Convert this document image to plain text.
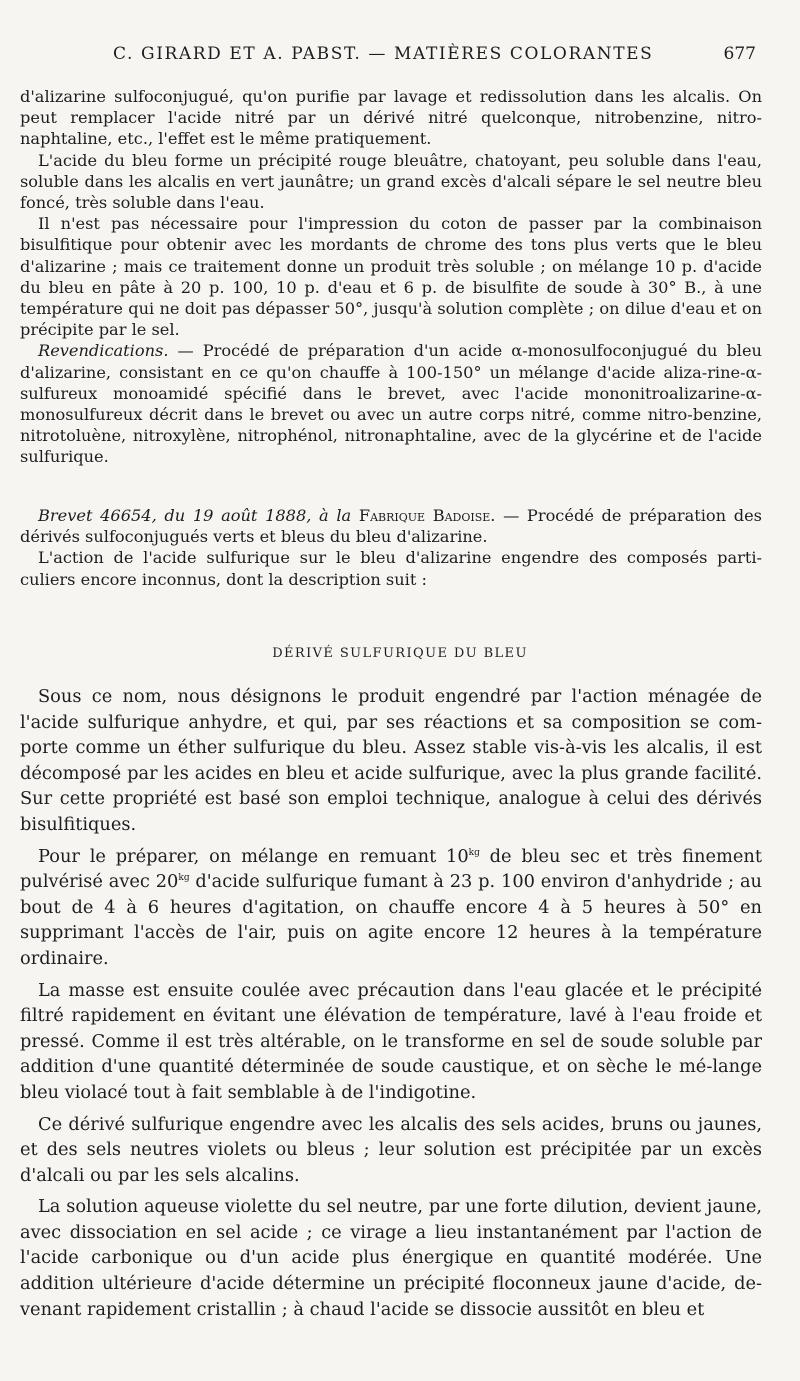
C. GIRARD ET A. PABST. — MATIÈRES COLORANTES	677

d'alizarine sulfoconjugué, qu'on purifie par lavage et redissolution dans les alcalis. On peut remplacer l'acide nitré par un dérivé nitré quelconque, nitrobenzine, nitro-naphtaline, etc., l'effet est le même pratiquement.

L'acide du bleu forme un précipité rouge bleuâtre, chatoyant, peu soluble dans l'eau, soluble dans les alcalis en vert jaunâtre; un grand excès d'alcali sépare le sel neutre bleu foncé, très soluble dans l'eau.

Il n'est pas nécessaire pour l'impression du coton de passer par la combinaison bisulfitique pour obtenir avec les mordants de chrome des tons plus verts que le bleu d'alizarine ; mais ce traitement donne un produit très soluble ; on mélange 10 p. d'acide du bleu en pâte à 20 p. 100, 10 p. d'eau et 6 p. de bisulfite de soude à 30° B., à une température qui ne doit pas dépasser 50°, jusqu'à solution complète ; on dilue d'eau et on précipite par le sel.

Revendications. — Procédé de préparation d'un acide α-monosulfoconjugué du bleu d'alizarine, consistant en ce qu'on chauffe à 100-150° un mélange d'acide aliza-rine-α-sulfureux monoamidé spécifié dans le brevet, avec l'acide mononitroalizarine-α-monosulfureux décrit dans le brevet ou avec un autre corps nitré, comme nitro-benzine, nitrotoluène, nitroxylène, nitrophénol, nitronaphtaline, avec de la glycérine et de l'acide sulfurique.

Brevet 46654, du 19 août 1888, à la Fabrique Badoise. — Procédé de préparation des dérivés sulfoconjugués verts et bleus du bleu d'alizarine.

L'action de l'acide sulfurique sur le bleu d'alizarine engendre des composés parti-culiers encore inconnus, dont la description suit :

DÉRIVÉ SULFURIQUE DU BLEU

Sous ce nom, nous désignons le produit engendré par l'action ménagée de l'acide sulfurique anhydre, et qui, par ses réactions et sa composition se com-porte comme un éther sulfurique du bleu. Assez stable vis-à-vis les alcalis, il est décomposé par les acides en bleu et acide sulfurique, avec la plus grande facilité. Sur cette propriété est basé son emploi technique, analogue à celui des dérivés bisulfitiques.

Pour le préparer, on mélange en remuant $10^{kg}$ de bleu sec et très finement pulvérisé avec $20^{kg}$ d'acide sulfurique fumant à 23 p. 100 environ d'anhydride ; au bout de 4 à 6 heures d'agitation, on chauffe encore 4 à 5 heures à 50° en supprimant l'accès de l'air, puis on agite encore 12 heures à la température ordinaire.

La masse est ensuite coulée avec précaution dans l'eau glacée et le précipité filtré rapidement en évitant une élévation de température, lavé à l'eau froide et pressé. Comme il est très altérable, on le transforme en sel de soude soluble par addition d'une quantité déterminée de soude caustique, et on sèche le mé-lange bleu violacé tout à fait semblable à de l'indigotine.

Ce dérivé sulfurique engendre avec les alcalis des sels acides, bruns ou jaunes, et des sels neutres violets ou bleus ; leur solution est précipitée par un excès d'alcali ou par les sels alcalins.

La solution aqueuse violette du sel neutre, par une forte dilution, devient jaune, avec dissociation en sel acide ; ce virage a lieu instantanément par l'action de l'acide carbonique ou d'un acide plus énergique en quantité modérée. Une addition ultérieure d'acide détermine un précipité floconneux jaune d'acide, de-venant rapidement cristallin ; à chaud l'acide se dissocie aussitôt en bleu et
